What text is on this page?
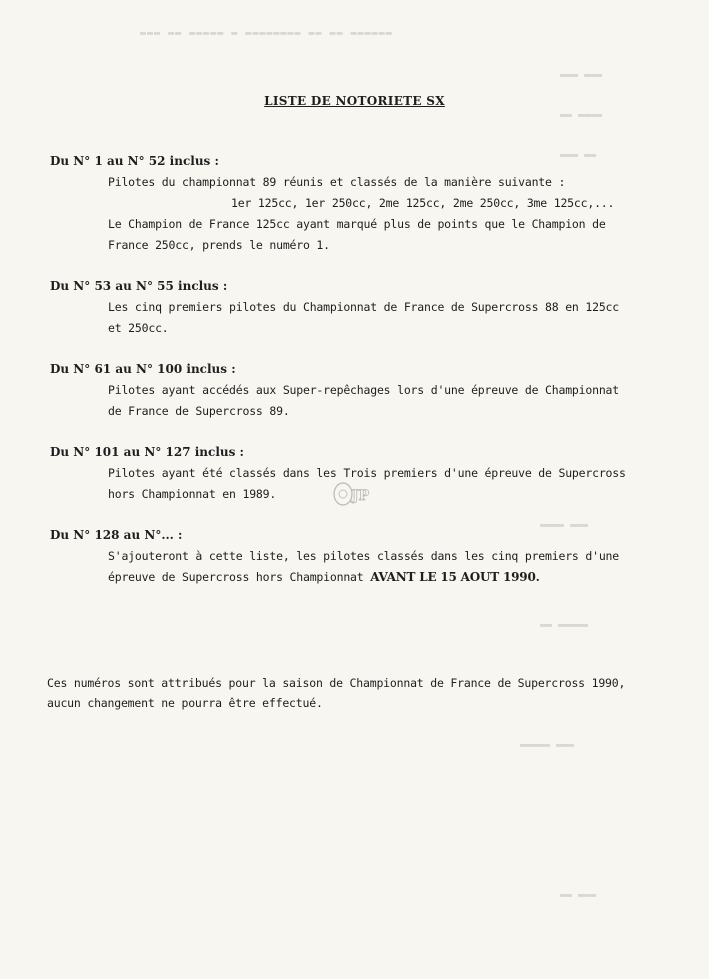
▬▬▬ ▬▬ ▬▬▬▬▬ ▬ ▬▬▬▬▬▬▬▬ ▬▬ ▬▬ ▬▬▬▬▬▬
▬▬▬ ▬▬▬
▬▬ ▬▬▬▬
▬▬▬ ▬▬
▬▬▬▬ ▬▬▬
▬▬ ▬▬▬▬▬
▬▬▬▬▬ ▬▬▬
▬▬ ▬▬▬
LISTE DE NOTORIETE SX
Du N° 1 au N° 52 inclus :

Pilotes du championnat 89 réunis et classés de la manière suivante :

1er 125cc, 1er 250cc, 2me 125cc, 2me 250cc, 3me 125cc,...

Le Champion de France 125cc ayant marqué plus de points que le Champion de

France 250cc, prends le numéro 1.

Du N° 53 au N° 55 inclus :

Les cinq premiers pilotes du Championnat de France de Supercross 88 en 125cc

et 250cc.

Du N° 61 au N° 100 inclus :

Pilotes ayant accédés aux Super-repêchages lors d'une épreuve de Championnat

de France de Supercross 89.

Du N° 101 au N° 127 inclus :

Pilotes ayant été classés dans les Trois premiers d'une épreuve de Supercross

hors Championnat en 1989.

Du N° 128 au N°... :

S'ajouteront à cette liste, les pilotes classés dans les cinq premiers d'une

épreuve de Supercross hors Championnat AVANT LE 15 AOUT 1990.

Ces numéros sont attribués pour la saison de Championnat de France de Supercross 1990,

aucun changement ne pourra être effectué.

JP
